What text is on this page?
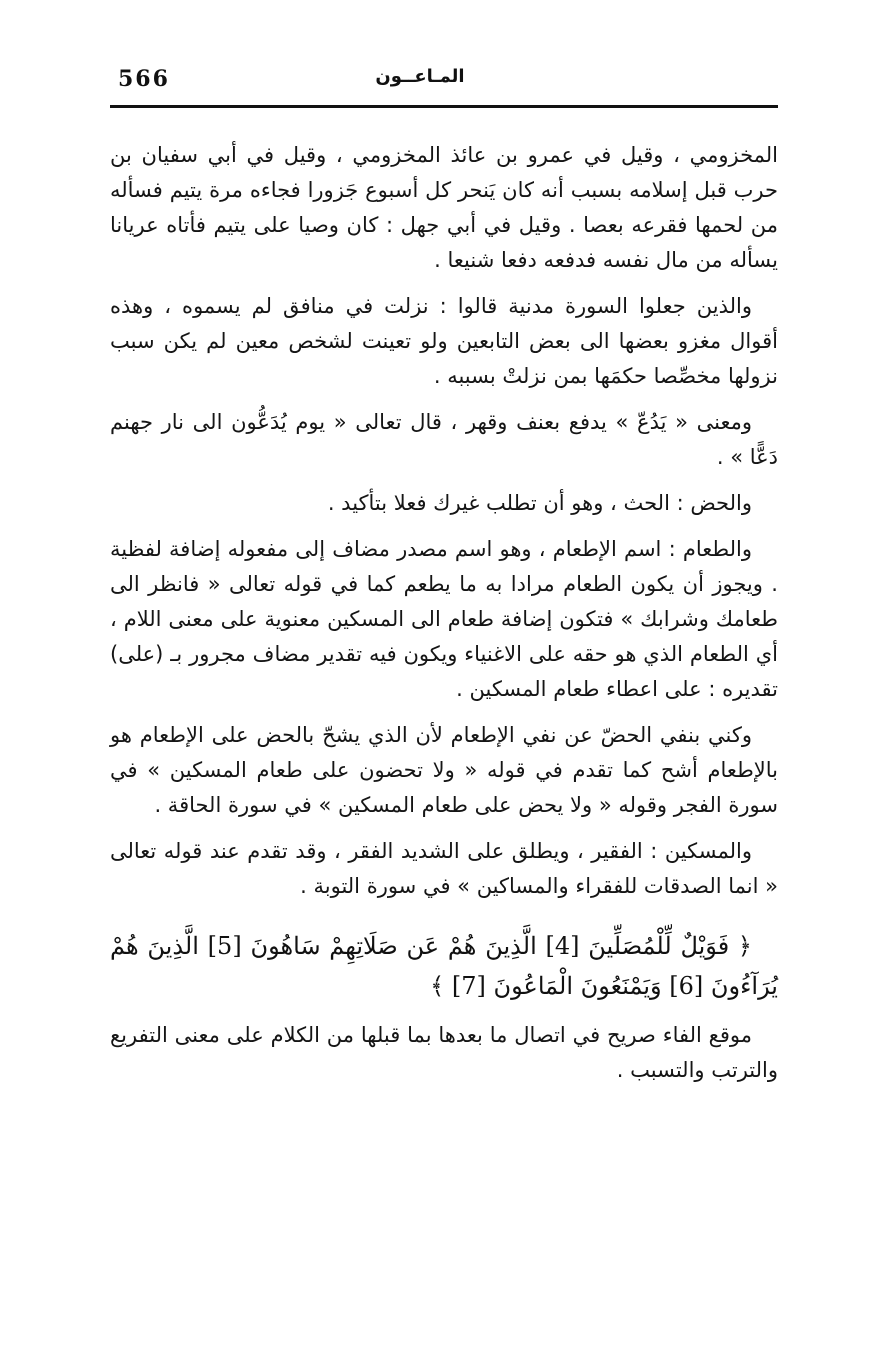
566	المـاعــون

المخزومي ، وقيل في عمرو بن عائذ المخزومي ، وقيل في أبي سفيان بن حرب قبل إسلامه بسبب أنه كان يَنحر كل أسبوع جَزورا فجاءه مرة يتيم فسأله من لحمها فقرعه بعصا . وقيل في أبي جهل : كان وصيا على يتيم فأتاه عريانا يسأله من مال نفسه فدفعه دفعا شنيعا .

والذين جعلوا السورة مدنية قالوا : نزلت في منافق لم يسموه ، وهذه أقوال مغزو بعضها الى بعض التابعين ولو تعينت لشخص معين لم يكن سبب نزولها مخصِّصا حكمَها بمن نزلتْ بسببه .

ومعنى « يَدُعّ » يدفع بعنف وقهر ، قال تعالى « يوم يُدَعُّون الى نار جهنم دَعًّا » .

والحض : الحث ، وهو أن تطلب غيرك فعلا بتأكيد .

والطعام : اسم الإطعام ، وهو اسم مصدر مضاف إلى مفعوله إضافة لفظية . ويجوز أن يكون الطعام مرادا به ما يطعم كما في قوله تعالى « فانظر الى طعامك وشرابك » فتكون إضافة طعام الى المسكين معنوية على معنى اللام ، أي الطعام الذي هو حقه على الاغنياء ويكون فيه تقدير مضاف مجرور بـ (على) تقديره : على اعطاء طعام المسكين .

وكني بنفي الحضّ عن نفي الإطعام لأن الذي يشحّ بالحض على الإطعام هو بالإطعام أشح كما تقدم في قوله « ولا تحضون على طعام المسكين » في سورة الفجر وقوله « ولا يحض على طعام المسكين » في سورة الحاقة .

والمسكين : الفقير ، ويطلق على الشديد الفقر ، وقد تقدم عند قوله تعالى « انما الصدقات للفقراء والمساكين » في سورة التوبة .

﴿ فَوَيْلٌ لِّلْمُصَلِّينَ [4] الَّذِينَ هُمْ عَن صَلَاتِهِمْ سَاهُونَ [5] الَّذِينَ هُمْ يُرَآءُونَ [6] وَيَمْنَعُونَ الْمَاعُونَ [7] ﴾

موقع الفاء صريح في اتصال ما بعدها بما قبلها من الكلام على معنى التفريع والترتب والتسبب .
